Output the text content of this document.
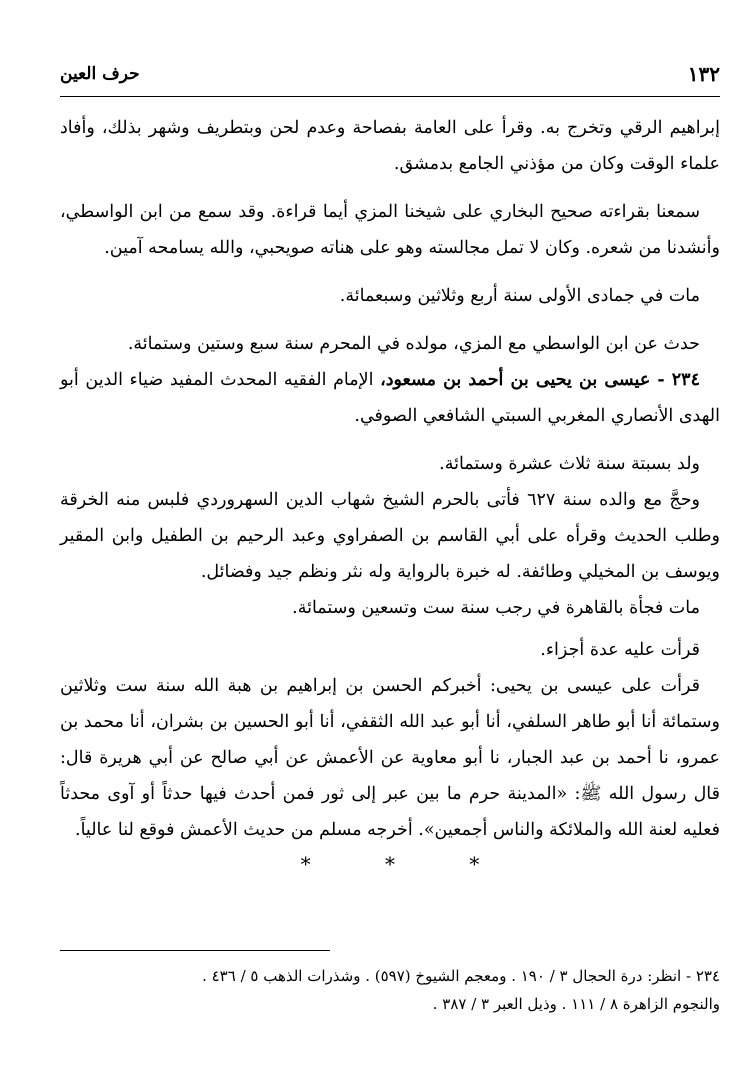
١٣٢
حرف العين

إبراهيم الرقي وتخرج به. وقرأ على العامة بفصاحة وعدم لحن وبتطريف وشهر بذلك، وأفاد علماء الوقت وكان من مؤذني الجامع بدمشق.

سمعنا بقراءته صحيح البخاري على شيخنا المزي أيما قراءة. وقد سمع من ابن الواسطي، وأنشدنا من شعره. وكان لا تمل مجالسته وهو على هناته صويحبي، والله يسامحه آمين.

مات في جمادى الأولى سنة أربع وثلاثين وسبعمائة.

حدث عن ابن الواسطي مع المزي، مولده في المحرم سنة سبع وستين وستمائة.

٢٣٤ - عيسى بن يحيى بن أحمد بن مسعود، الإمام الفقيه المحدث المفيد ضياء الدين أبو الهدى الأنصاري المغربي السبتي الشافعي الصوفي.

ولد بسبتة سنة ثلاث عشرة وستمائة.

وحجَّ مع والده سنة ٦٢٧ فأتى بالحرم الشيخ شهاب الدين السهروردي فلبس منه الخرقة وطلب الحديث وقرأه على أبي القاسم بن الصفراوي وعبد الرحيم بن الطفيل وابن المقير ويوسف بن المخيلي وطائفة. له خبرة بالرواية وله نثر ونظم جيد وفضائل.

مات فجأة بالقاهرة في رجب سنة ست وتسعين وستمائة.

قرأت عليه عدة أجزاء.

قرأت على عيسى بن يحيى: أخبركم الحسن بن إبراهيم بن هبة الله سنة ست وثلاثين وستمائة أنا أبو طاهر السلفي، أنا أبو عبد الله الثقفي، أنا أبو الحسين بن بشران، أنا محمد بن عمرو، نا أحمد بن عبد الجبار، نا أبو معاوية عن الأعمش عن أبي صالح عن أبي هريرة قال: قال رسول الله ﷺ: «المدينة حرم ما بين عبر إلى ثور فمن أحدث فيها حدثاً أو آوى محدثاً فعليه لعنة الله والملائكة والناس أجمعين». أخرجه مسلم من حديث الأعمش فوقع لنا عالياً.

* * *

٢٣٤ - انظر: درة الحجال ٣ / ١٩٠ . ومعجم الشيوخ (٥٩٧) . وشذرات الذهب ٥ / ٤٣٦ .

والنجوم الزاهرة ٨ / ١١١ . وذيل العبر ٣ / ٣٨٧ .
